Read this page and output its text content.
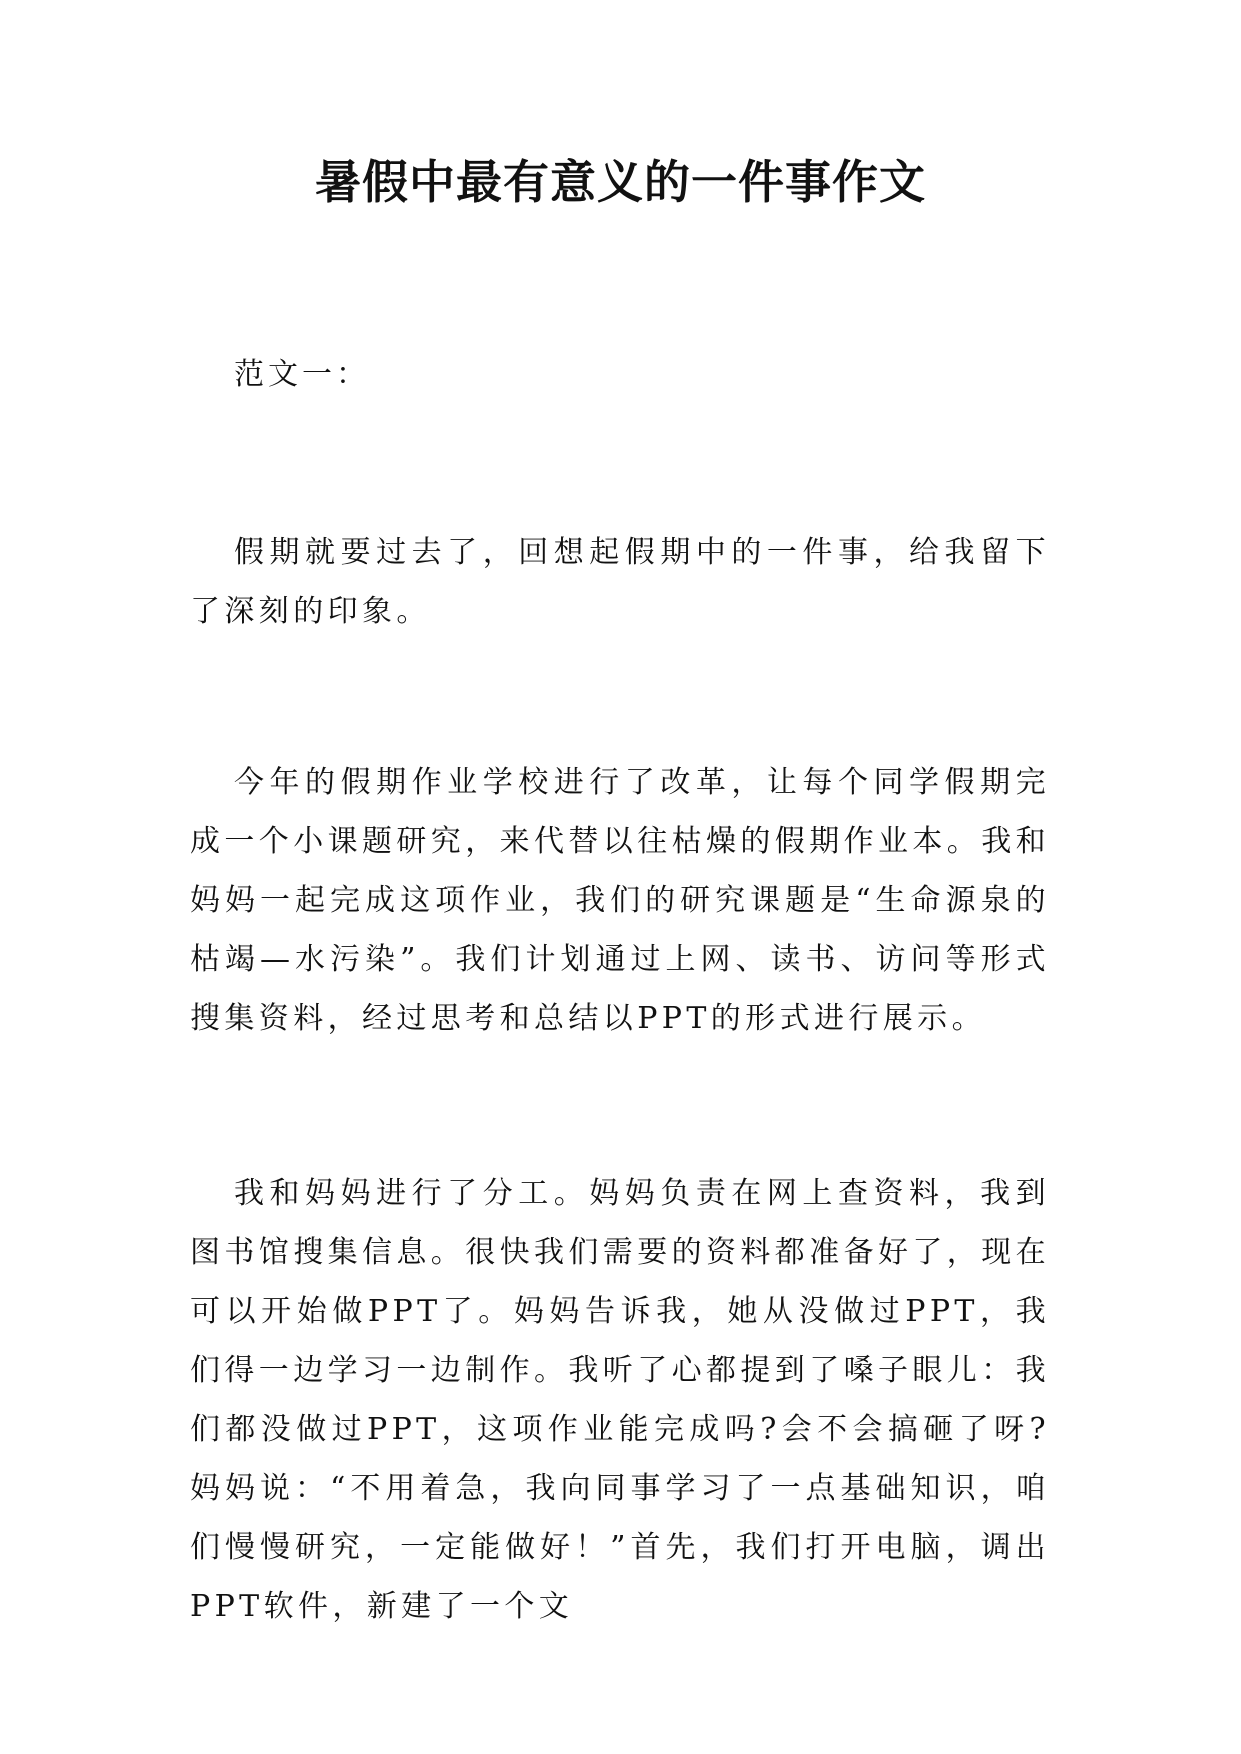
暑假中最有意义的一件事作文

范文一：

假期就要过去了，回想起假期中的一件事，给我留下了深刻的印象。

今年的假期作业学校进行了改革，让每个同学假期完成一个小课题研究，来代替以往枯燥的假期作业本。我和妈妈一起完成这项作业，我们的研究课题是“生命源泉的枯竭—水污染”。我们计划通过上网、读书、访问等形式搜集资料，经过思考和总结以PPT的形式进行展示。

我和妈妈进行了分工。妈妈负责在网上查资料，我到图书馆搜集信息。很快我们需要的资料都准备好了，现在可以开始做PPT了。妈妈告诉我，她从没做过PPT，我们得一边学习一边制作。我听了心都提到了嗓子眼儿：我们都没做过PPT，这项作业能完成吗?会不会搞砸了呀?妈妈说：“不用着急，我向同事学习了一点基础知识，咱们慢慢研究，一定能做好！”首先，我们打开电脑，调出PPT软件，新建了一个文
